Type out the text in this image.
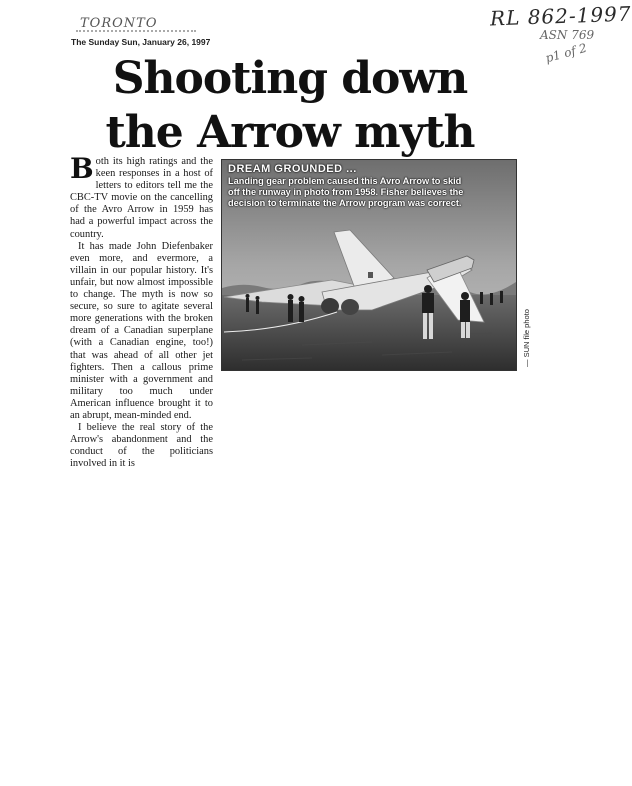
TORONTO	RL 862-1997
ASN 769
p1 of 2
The Sunday Sun, January 26, 1997
Shooting down the Arrow myth

Both its high ratings and the keen responses in a host of letters to editors tell me the CBC-TV movie on the cancelling of the Avro Arrow in 1959 has had a powerful impact across the country.

It has made John Diefenbaker even more, and evermore, a villain in our popular history. It's unfair, but now almost impossible to change. The myth is now so secure, so sure to agitate several more generations with the broken dream of a Canadian superplane (with a Canadian engine, too!) that was ahead of all other jet fighters. Then a callous prime minister with a government and military too much under American influence brought it to an abrupt, mean-minded end.

I believe the real story of the Arrow's abandonment and the conduct of the politicians involved in it is

DREAM GROUNDED ...
Landing gear problem caused this Avro Arrow to skid off the runway in photo from 1958. Fisher believes the decision to terminate the Arrow program was correct.
— SUN file photo
